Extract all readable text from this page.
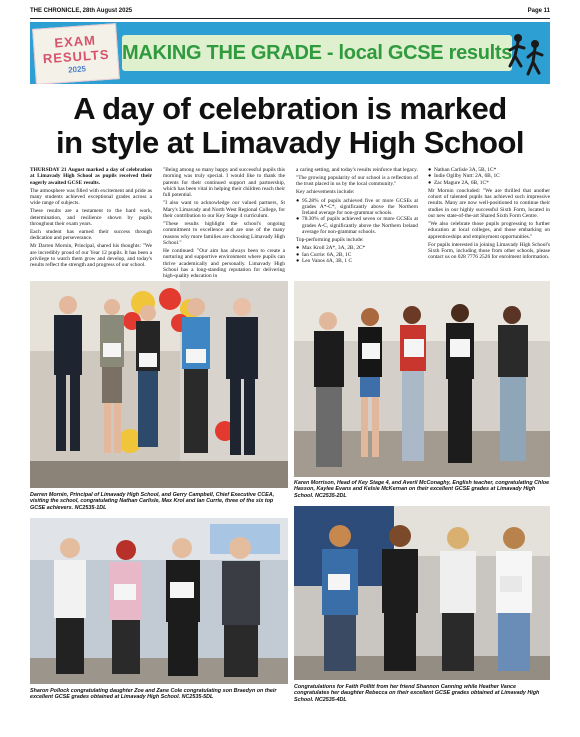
THE CHRONICLE, 28th August 2025	Page 11
EXAM
RESULTS
2025
MAKING THE GRADE - local GCSE results
A day of celebration is marked
in style at Limavady High School

THURSDAY 21 August marked a day of celebration at Limavady High School as pupils received their eagerly awaited GCSE results.

The atmosphere was filled with excitement and pride as many students achieved exceptional grades across a wide range of subjects.

These results are a testament to the hard work, determination, and resilience shown by pupils throughout their exam years.

Each student has earned their success through dedication and perseverance.

Mr Darren Mornin, Principal, shared his thoughts: "We are incredibly proud of our Year 12 pupils. It has been a privilege to watch them grow and develop, and today's results reflect the strength and progress of our school.

"Being among so many happy and successful pupils this morning was truly special. I would like to thank the parents for their continued support and partnership, which has been vital in helping their children reach their full potential.

"I also want to acknowledge our valued partners, St Mary's Limavady and North West Regional College, for their contribution to our Key Stage 4 curriculum.

"These results highlight the school's ongoing commitment to excellence and are one of the many reasons why more families are choosing Limavady High School."

He continued: "Our aim has always been to create a nurturing and supportive environment where pupils can thrive academically and personally. Limavady High School has a long-standing reputation for delivering high-quality education in

a caring setting, and today's results reinforce that legacy.

"The growing popularity of our school is a reflection of the trust placed in us by the local community."

Key achievements include:

● 95.28% of pupils achieved five or more GCSEs at grades A*-C*, significantly above the Northern Ireland average for non-grammar schools.
● 78.30% of pupils achieved seven or more GCSEs at grades A-C, significantly above the Northern Ireland average for non-grammar schools.

Top-performing pupils include:

● Max Kroll 2A*, 3A, 2B, 2C*
● Ian Currie: 6A, 2B, 1C
● Leo Vanos 4A, 3B, 1 C
● Nathan Carlisle 3A, 5B, 1C*
● Indie Ogilby Nutt: 2A, 6B, 1C
● Zac Magure 2A, 6B, 1C*

Mr Mornin concluded: "We are thrilled that another cohort of talented pupils has achieved such impressive results. Many are now well-positioned to continue their studies in our highly successful Sixth Form, located in our new state-of-the-art Shared Sixth Form Centre.

"We also celebrate those pupils progressing to further education at local colleges, and those embarking on apprenticeships and employment opportunities."

For pupils interested in joining Limavady High School's Sixth Form, including those from other schools, please contact us on 028 7776 2526 for enrolment information.

Darren Mornin, Principal of Limavady High School, and Gerry Campbell, Chief Executive CCEA, visiting the school, congratulating Nathan Carlisle, Max Krol and Ian Currie, three of the six top GCSE achievers. NC2535-1DL
Karen Morrison, Head of Key Stage 4, and Averil McConaghy, English teacher, congratulating Chloe Hasson, Kaylee Evans and Kelsie McKernan on their excellent GCSE grades at Limavady High School. NC2535-2DL
Sharon Pollock congratulating daughter Zoe and Zane Cole congratulating son Braedyn on their excellent GCSE grades obtained at Limavady High School. NC2535-5DL
Congratulations for Faith Pollitt from her friend Shannon Canning while Heather Vance congratulates her daughter Rebecca on their excellent GCSE grades obtained at Limavady High School. NC2535-4DL
